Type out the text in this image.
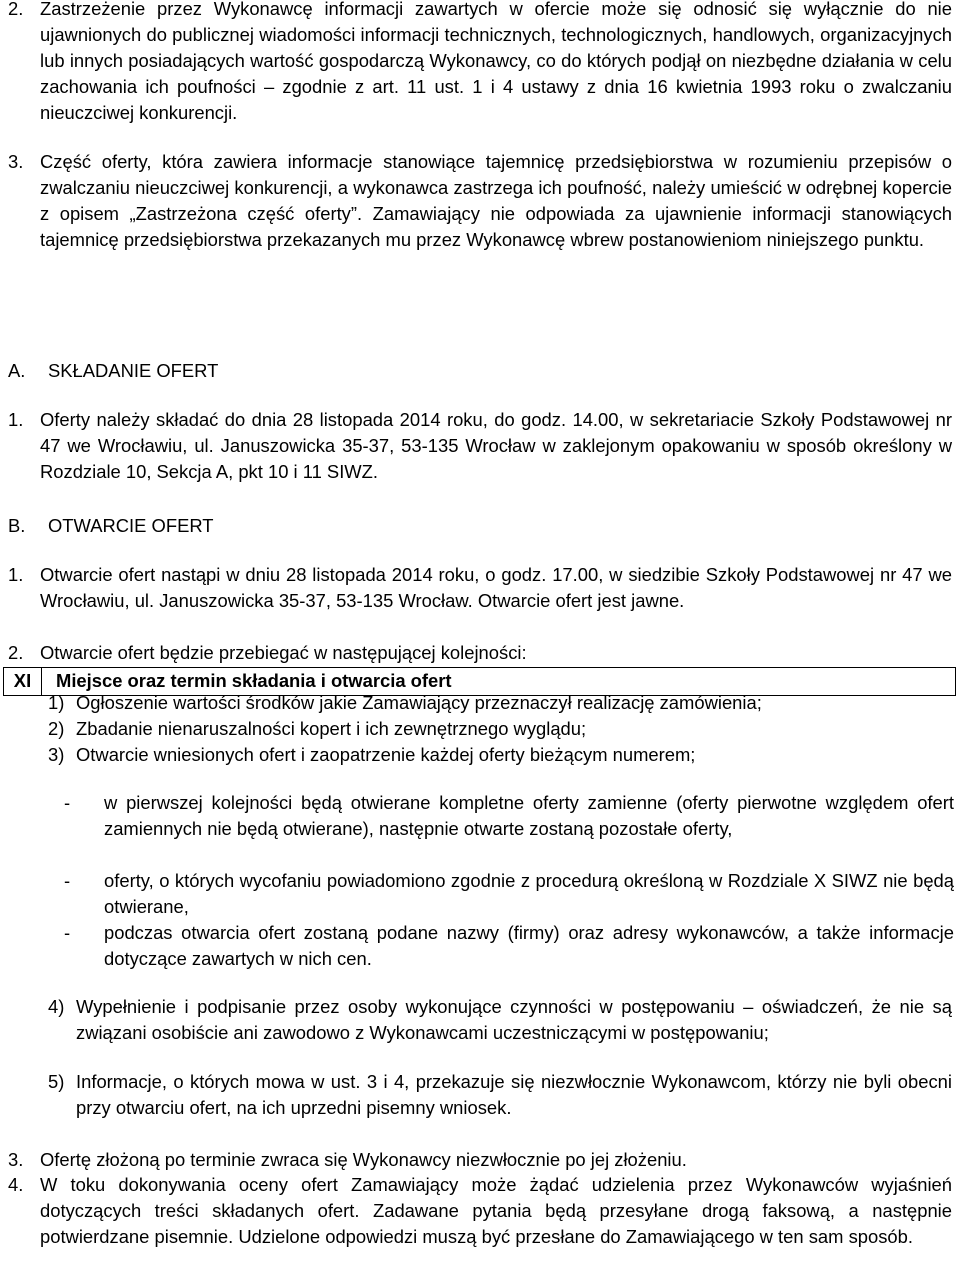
2. Zastrzeżenie przez Wykonawcę informacji zawartych w ofercie może się odnosić się wyłącznie do nie ujawnionych do publicznej wiadomości informacji technicznych, technologicznych, handlowych, organizacyjnych lub innych posiadających wartość gospodarczą Wykonawcy, co do których podjął on niezbędne działania w celu zachowania ich poufności – zgodnie z art. 11 ust. 1 i 4 ustawy z dnia 16 kwietnia 1993 roku o zwalczaniu nieuczciwej konkurencji.
3. Część oferty, która zawiera informacje stanowiące tajemnicę przedsiębiorstwa w rozumieniu przepisów o zwalczaniu nieuczciwej konkurencji, a wykonawca zastrzega ich poufność, należy umieścić w odrębnej kopercie z opisem „Zastrzeżona część oferty”. Zamawiający nie odpowiada za ujawnienie informacji stanowiących tajemnicę przedsiębiorstwa przekazanych mu przez Wykonawcę wbrew postanowieniom niniejszego punktu.
XI	Miejsce oraz termin składania i otwarcia ofert
A. SKŁADANIE OFERT
1. Oferty należy składać do dnia 28 listopada 2014 roku, do godz. 14.00, w sekretariacie Szkoły Podstawowej nr 47 we Wrocławiu, ul. Januszowicka 35-37, 53-135 Wrocław w zaklejonym opakowaniu w sposób określony w Rozdziale 10, Sekcja A, pkt 10 i 11 SIWZ.
B. OTWARCIE OFERT
1. Otwarcie ofert nastąpi w dniu 28 listopada 2014 roku, o godz. 17.00, w siedzibie Szkoły Podstawowej nr 47 we Wrocławiu, ul. Januszowicka 35-37, 53-135 Wrocław. Otwarcie ofert jest jawne.
2. Otwarcie ofert będzie przebiegać w następującej kolejności:
1) Ogłoszenie wartości środków jakie Zamawiający przeznaczył realizację zamówienia;
2) Zbadanie nienaruszalności kopert i ich zewnętrznego wyglądu;
3) Otwarcie wniesionych ofert i zaopatrzenie każdej oferty bieżącym numerem;
- w pierwszej kolejności będą otwierane kompletne oferty zamienne (oferty pierwotne względem ofert zamiennych nie będą otwierane), następnie otwarte zostaną pozostałe oferty,
- oferty, o których wycofaniu powiadomiono zgodnie z procedurą określoną w Rozdziale X SIWZ nie będą otwierane,
- podczas otwarcia ofert zostaną podane nazwy (firmy) oraz adresy wykonawców, a także informacje dotyczące zawartych w nich cen.
4) Wypełnienie i podpisanie przez osoby wykonujące czynności w postępowaniu – oświadczeń, że nie są związani osobiście ani zawodowo z Wykonawcami uczestniczącymi w postępowaniu;
5) Informacje, o których mowa w ust. 3 i 4, przekazuje się niezwłocznie Wykonawcom, którzy nie byli obecni przy otwarciu ofert, na ich uprzedni pisemny wniosek.
3. Ofertę złożoną po terminie zwraca się Wykonawcy niezwłocznie po jej złożeniu.
4. W toku dokonywania oceny ofert Zamawiający może żądać udzielenia przez Wykonawców wyjaśnień dotyczących treści składanych ofert. Zadawane pytania będą przesyłane drogą faksową, a następnie potwierdzane pisemnie. Udzielone odpowiedzi muszą być przesłane do Zamawiającego w ten sam sposób.
